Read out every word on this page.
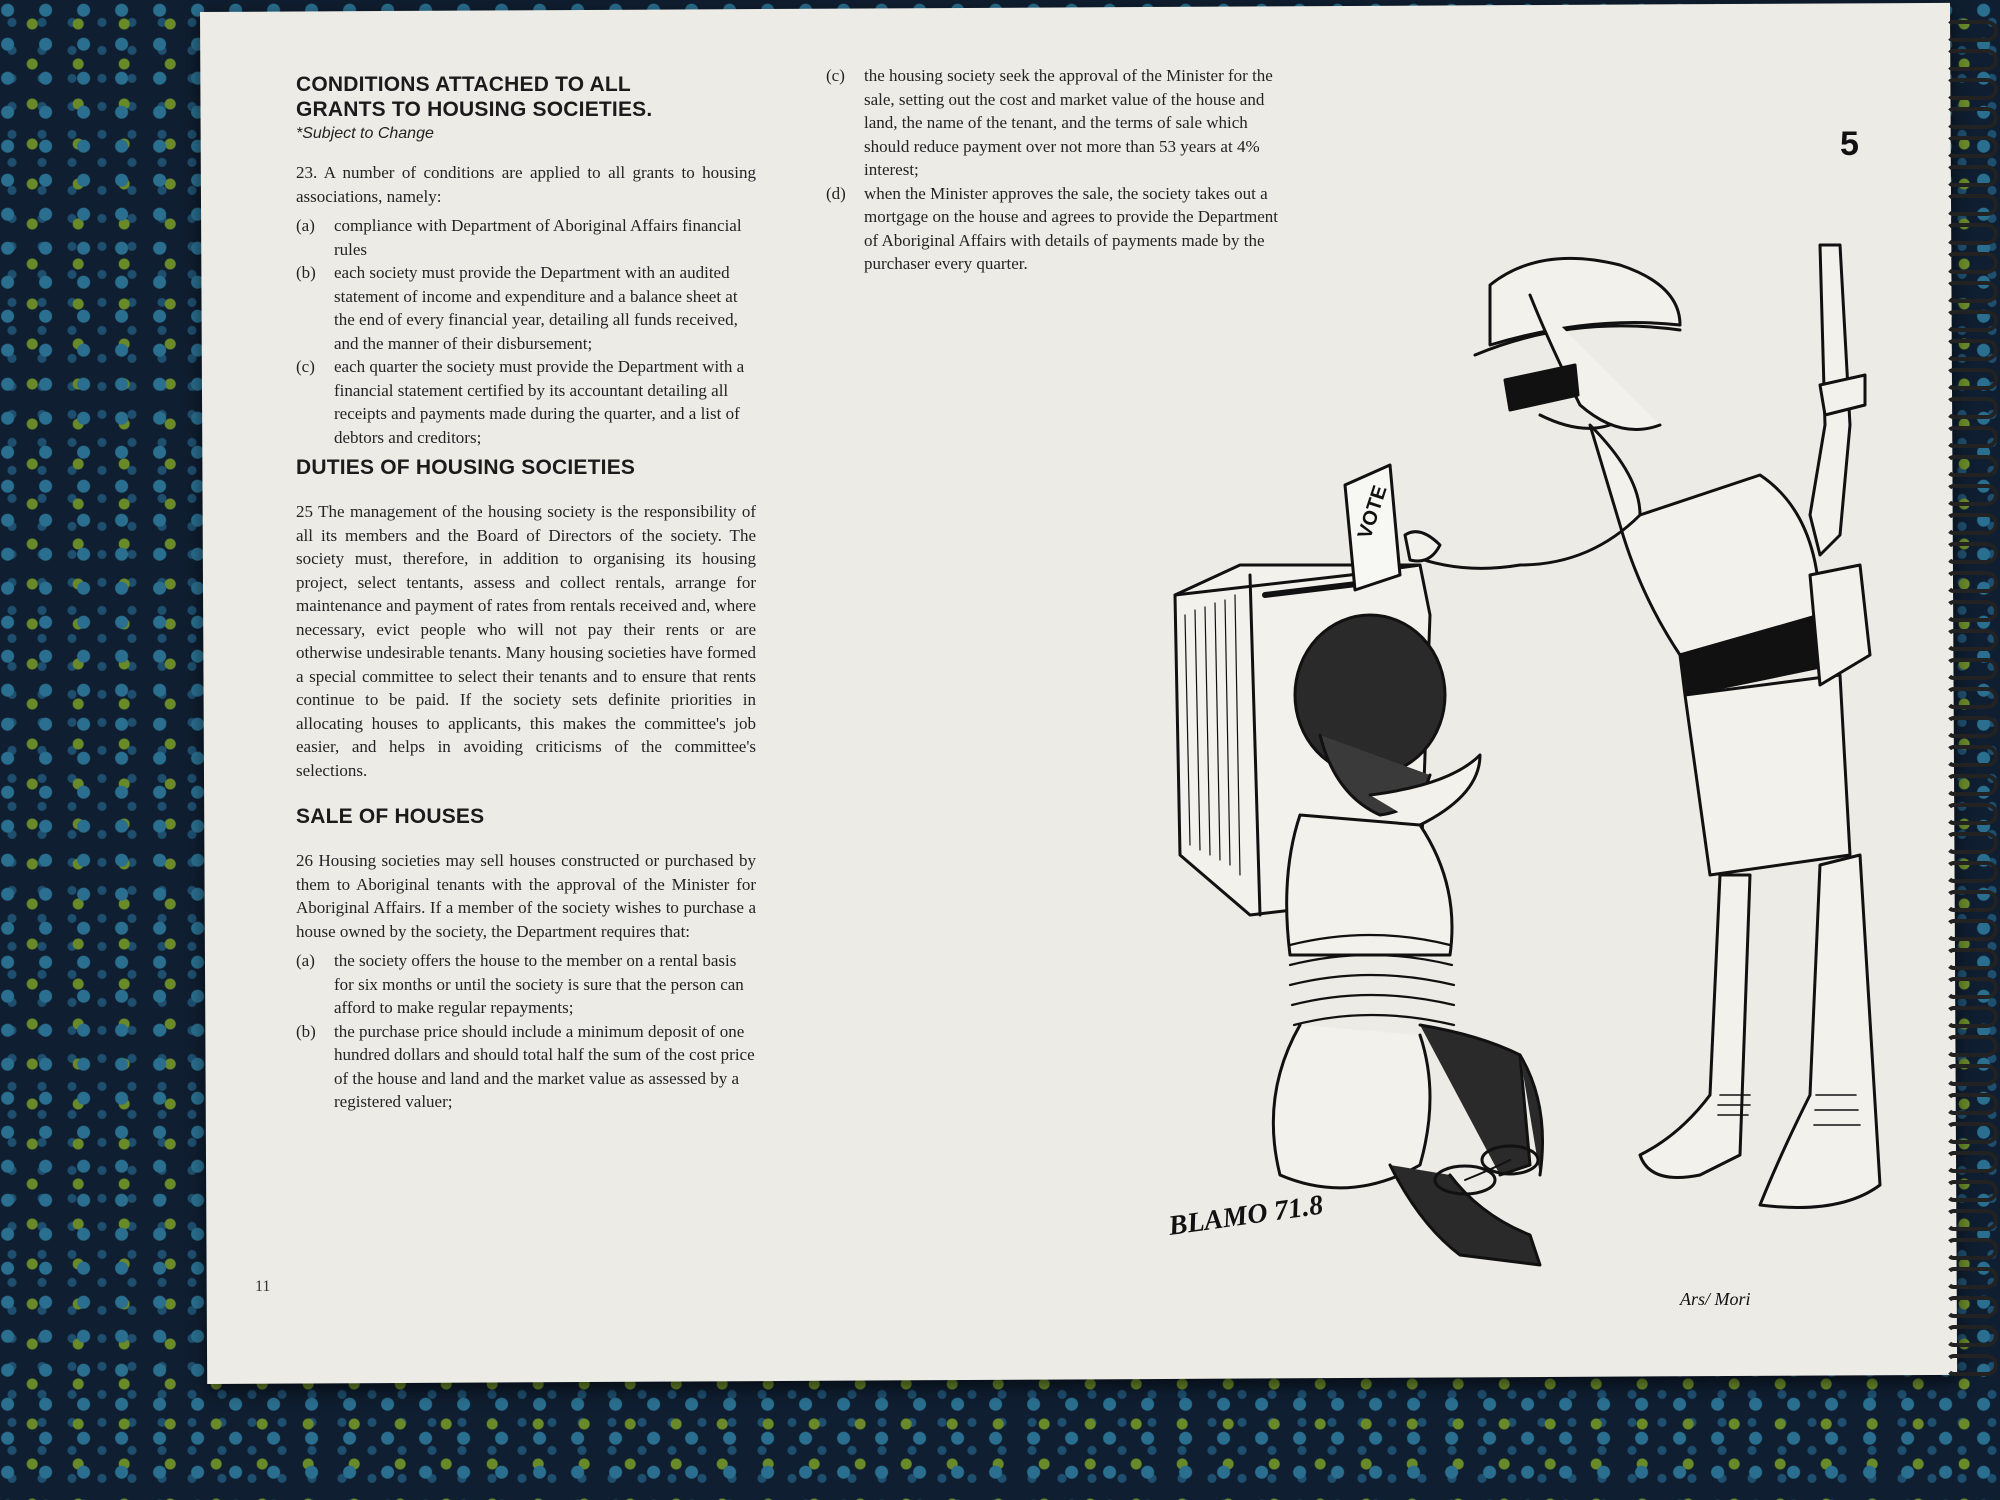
CONDITIONS ATTACHED TO ALL
GRANTS TO HOUSING SOCIETIES.

*Subject to Change

23. A number of conditions are applied to all grants to housing associations, namely:

(a)	compliance with Department of Aboriginal Affairs financial rules
(b)	each society must provide the Department with an audited statement of income and expenditure and a balance sheet at the end of every financial year, detailing all funds received, and the manner of their disbursement;
(c)	each quarter the society must provide the Department with a financial statement certified by its accountant detailing all receipts and payments made during the quarter, and a list of debtors and creditors;
DUTIES OF HOUSING SOCIETIES

25 The management of the housing society is the responsibility of all its members and the Board of Directors of the society. The society must, therefore, in addition to organising its housing project, select tentants, assess and collect rentals, arrange for maintenance and payment of rates from rentals received and, where necessary, evict people who will not pay their rents or are otherwise undesirable tenants. Many housing societies have formed a special committee to select their tenants and to ensure that rents continue to be paid. If the society sets definite priorities in allocating houses to applicants, this makes the committee's job easier, and helps in avoiding criticisms of the committee's selections.

SALE OF HOUSES

26 Housing societies may sell houses constructed or purchased by them to Aboriginal tenants with the approval of the Minister for Aboriginal Affairs. If a member of the society wishes to purchase a house owned by the society, the Department requires that:

(a)	the society offers the house to the member on a rental basis for six months or until the society is sure that the person can afford to make regular repayments;
(b)	the purchase price should include a minimum deposit of one hundred dollars and should total half the sum of the cost price of the house and land and the market value as assessed by a registered valuer;
(c)	the housing society seek the approval of the Minister for the sale, setting out the cost and market value of the house and land, the name of the tenant, and the terms of sale which should reduce payment over not more than 53 years at 4% interest;
(d)	when the Minister approves the sale, the society takes out a mortgage on the house and agrees to provide the Department of Aboriginal Affairs with details of payments made by the purchaser every quarter.
11
VOTE
BLAMO 71.8
Ars/ Mori
5
